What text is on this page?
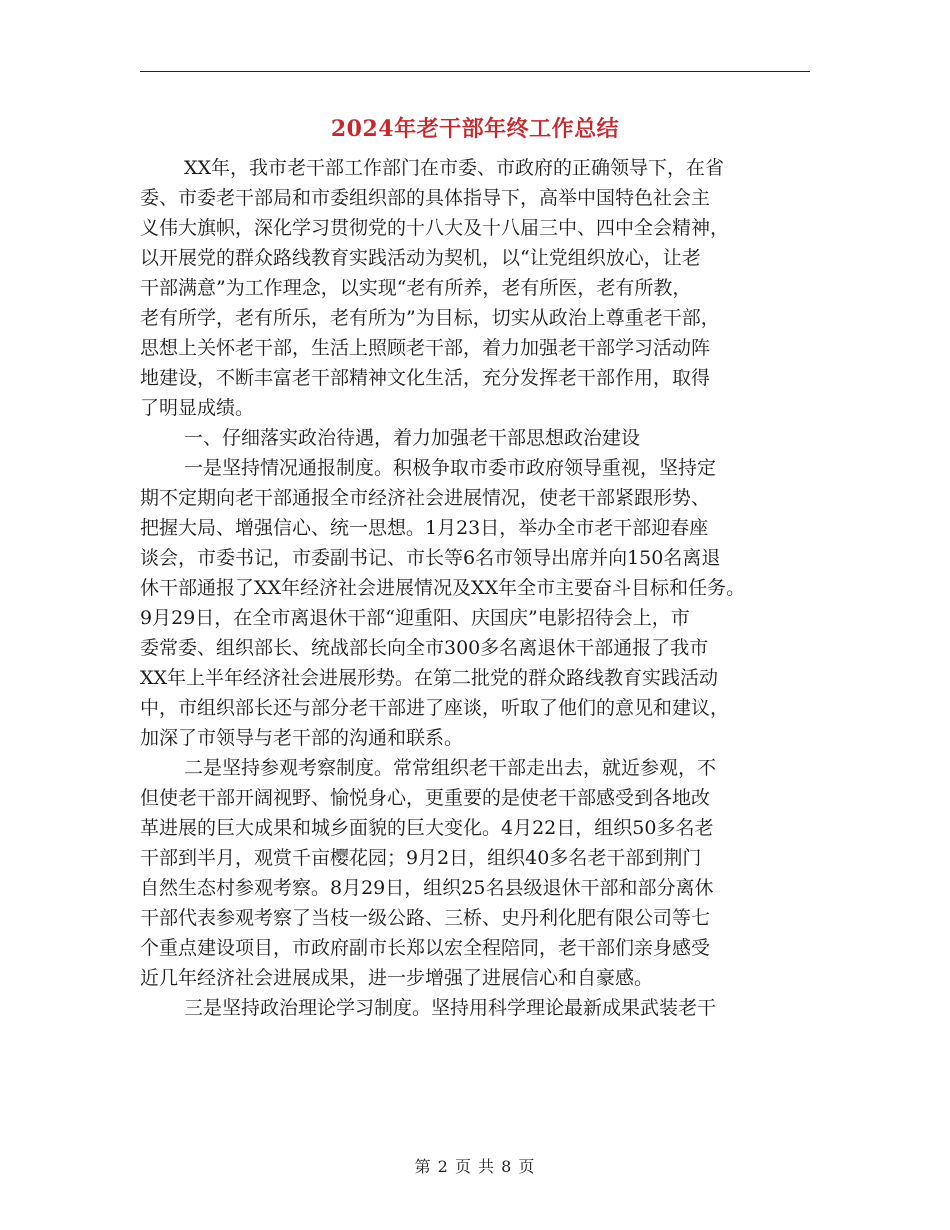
2024年老干部年终工作总结
XX年，我市老干部工作部门在市委、市政府的正确领导下，在省
委、市委老干部局和市委组织部的具体指导下，高举中国特色社会主
义伟大旗帜，深化学习贯彻党的十八大及十八届三中、四中全会精神，
以开展党的群众路线教育实践活动为契机，以“让党组织放心，让老
干部满意”为工作理念，以实现“老有所养，老有所医，老有所教，
老有所学，老有所乐，老有所为”为目标，切实从政治上尊重老干部，
思想上关怀老干部，生活上照顾老干部，着力加强老干部学习活动阵
地建设，不断丰富老干部精神文化生活，充分发挥老干部作用，取得
了明显成绩。
一、仔细落实政治待遇，着力加强老干部思想政治建设
一是坚持情况通报制度。积极争取市委市政府领导重视，坚持定
期不定期向老干部通报全市经济社会进展情况，使老干部紧跟形势、
把握大局、增强信心、统一思想。1月23日，举办全市老干部迎春座
谈会，市委书记，市委副书记、市长等6名市领导出席并向150名离退
休干部通报了XX年经济社会进展情况及XX年全市主要奋斗目标和任务。
9月29日，在全市离退休干部“迎重阳、庆国庆”电影招待会上，市
委常委、组织部长、统战部长向全市300多名离退休干部通报了我市
XX年上半年经济社会进展形势。在第二批党的群众路线教育实践活动
中，市组织部长还与部分老干部进了座谈，听取了他们的意见和建议，
加深了市领导与老干部的沟通和联系。
二是坚持参观考察制度。常常组织老干部走出去，就近参观，不
但使老干部开阔视野、愉悦身心，更重要的是使老干部感受到各地改
革进展的巨大成果和城乡面貌的巨大变化。4月22日，组织50多名老
干部到半月，观赏千亩樱花园；9月2日，组织40多名老干部到荆门
自然生态村参观考察。8月29日，组织25名县级退休干部和部分离休
干部代表参观考察了当枝一级公路、三桥、史丹利化肥有限公司等七
个重点建设项目，市政府副市长郑以宏全程陪同，老干部们亲身感受
近几年经济社会进展成果，进一步增强了进展信心和自豪感。
三是坚持政治理论学习制度。坚持用科学理论最新成果武装老干
第 2 页 共 8 页
